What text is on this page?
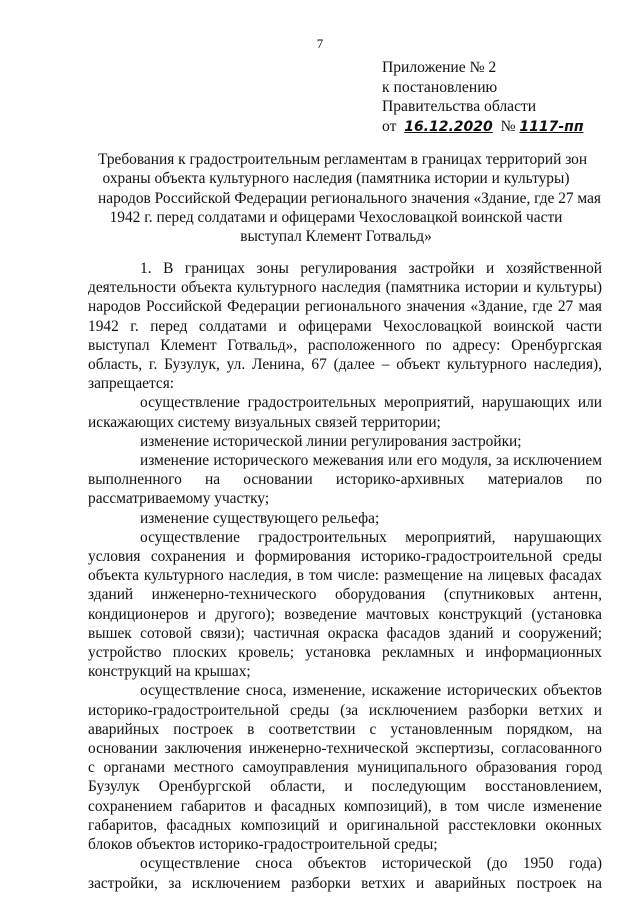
7
Приложение № 2
к постановлению
Правительства области
от 16.12.2020 № 1117-пп
Требования к градостроительным регламентам в границах территорий зон
охраны объекта культурного наследия (памятника истории и культуры)
народов Российской Федерации регионального значения «Здание, где 27 мая
1942 г. перед солдатами и офицерами Чехословацкой воинской части
выступал Клемент Готвальд»
1. В границах зоны регулирования застройки и хозяйственной
деятельности объекта культурного наследия (памятника истории и культуры)
народов Российской Федерации регионального значения «Здание, где 27 мая
1942 г. перед солдатами и офицерами Чехословацкой воинской части
выступал Клемент Готвальд», расположенного по адресу: Оренбургская
область, г. Бузулук, ул. Ленина, 67 (далее – объект культурного наследия),
запрещается:
осуществление градостроительных мероприятий, нарушающих или
искажающих систему визуальных связей территории;
изменение исторической линии регулирования застройки;
изменение исторического межевания или его модуля, за исключением
выполненного на основании историко-архивных материалов по
рассматриваемому участку;
изменение существующего рельефа;
осуществление градостроительных мероприятий, нарушающих
условия сохранения и формирования историко-градостроительной среды
объекта культурного наследия, в том числе: размещение на лицевых фасадах
зданий инженерно-технического оборудования (спутниковых антенн,
кондиционеров и другого); возведение мачтовых конструкций (установка
вышек сотовой связи); частичная окраска фасадов зданий и сооружений;
устройство плоских кровель; установка рекламных и информационных
конструкций на крышах;
осуществление сноса, изменение, искажение исторических объектов
историко-градостроительной среды (за исключением разборки ветхих и
аварийных построек в соответствии с установленным порядком, на
основании заключения инженерно-технической экспертизы, согласованного
с органами местного самоуправления муниципального образования город
Бузулук Оренбургской области, и последующим восстановлением,
сохранением габаритов и фасадных композиций), в том числе изменение
габаритов, фасадных композиций и оригинальной расстекловки оконных
блоков объектов историко-градостроительной среды;
осуществление сноса объектов исторической (до 1950 года)
застройки, за исключением разборки ветхих и аварийных построек на
